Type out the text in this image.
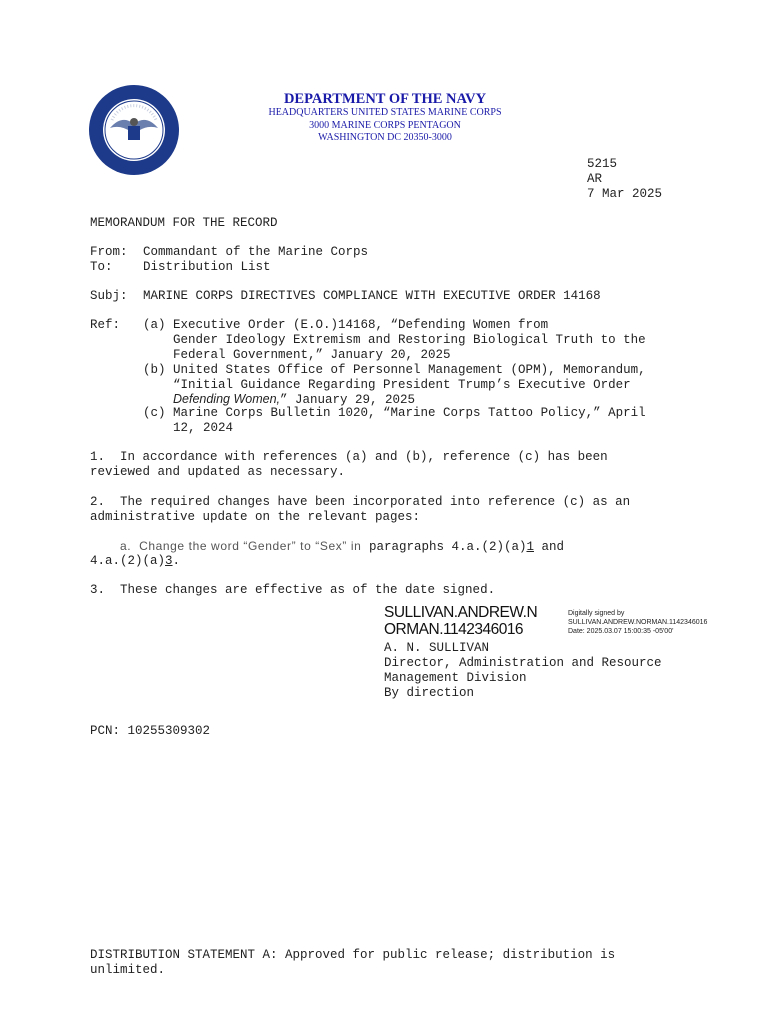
DEPARTMENT OF THE NAVY
HEADQUARTERS UNITED STATES MARINE CORPS
3000 MARINE CORPS PENTAGON
WASHINGTON DC 20350-3000
5215
AR
7 Mar 2025
MEMORANDUM FOR THE RECORD
From: Commandant of the Marine Corps
To: Distribution List
Subj: MARINE CORPS DIRECTIVES COMPLIANCE WITH EXECUTIVE ORDER 14168
Ref: (a) Executive Order (E.O.)14168, “Defending Women from
Gender Ideology Extremism and Restoring Biological Truth to the
Federal Government,” January 20, 2025
(b) United States Office of Personnel Management (OPM), Memorandum,
“Initial Guidance Regarding President Trump’s Executive Order
Defending Women,” January 29, 2025
(c) Marine Corps Bulletin 1020, “Marine Corps Tattoo Policy,” April
12, 2024
1.  In accordance with references (a) and (b), reference (c) has been
reviewed and updated as necessary.
2.  The required changes have been incorporated into reference (c) as an
administrative update on the relevant pages:
a.  Change the word “Gender” to “Sex” in paragraphs 4.a.(2)(a)1 and
4.a.(2)(a)3.
3.  These changes are effective as of the date signed.
SULLIVAN.ANDREW.N
ORMAN.1142346016
Digitally signed by
SULLIVAN.ANDREW.NORMAN.1142346016
Date: 2025.03.07 15:00:35 -05'00'
A. N. SULLIVAN
Director, Administration and Resource
Management Division
By direction
PCN: 10255309302
DISTRIBUTION STATEMENT A: Approved for public release; distribution is
unlimited.
